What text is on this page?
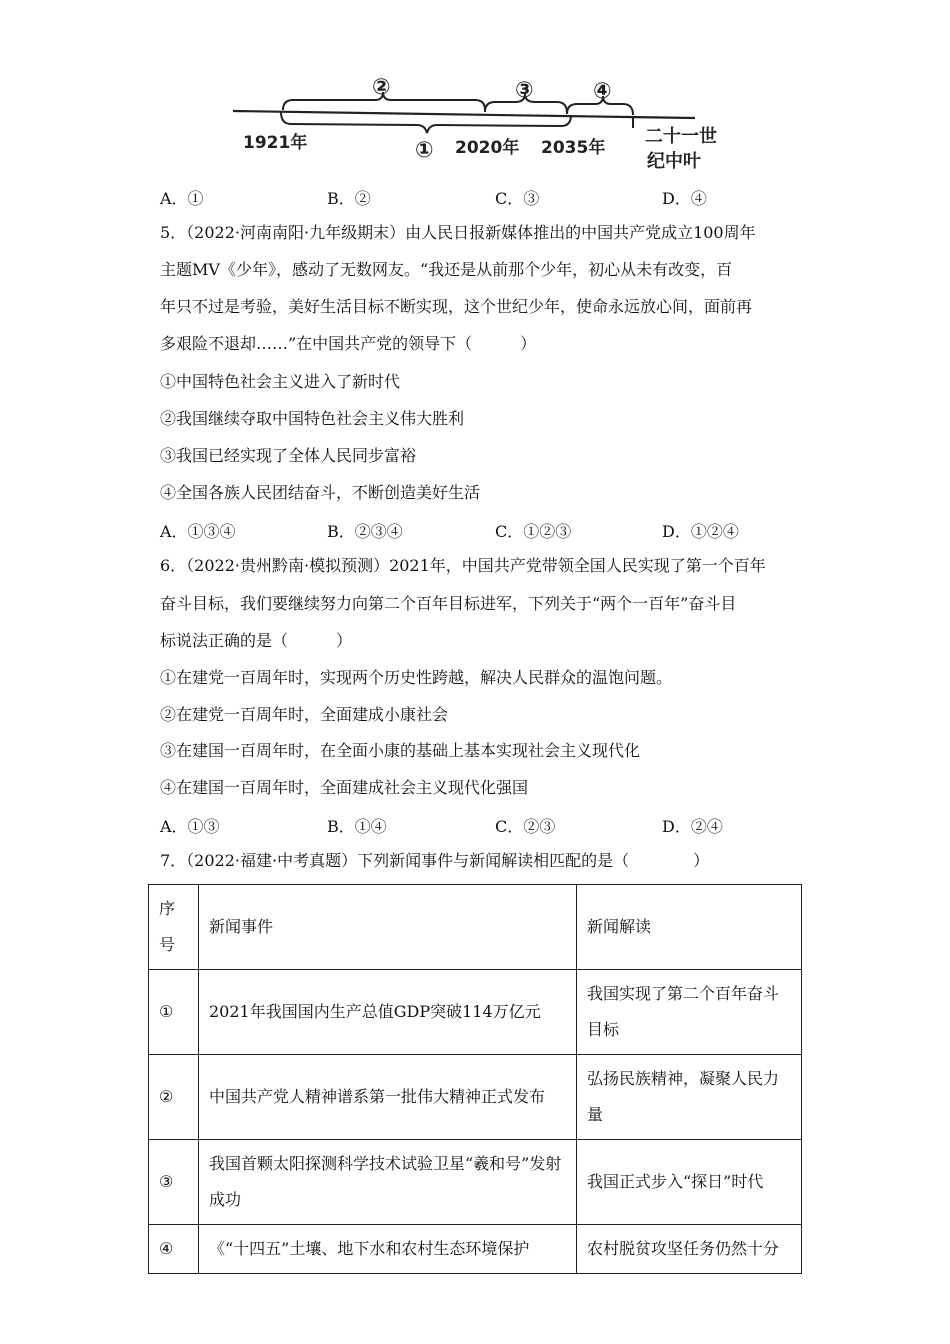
②	③	④
①
1921年	2020年 2035年
二十一世
纪中叶
A．①	B．②	C．③	D．④
5．（2022·河南南阳·九年级期末）由人民日报新媒体推出的中国共产党成立100周年
主题MV《少年》，感动了无数网友。“我还是从前那个少年，初心从未有改变，百
年只不过是考验，美好生活目标不断实现，这个世纪少年，使命永远放心间，面前再
多艰险不退却……”在中国共产党的领导下（　　　）
①中国特色社会主义进入了新时代
②我国继续夺取中国特色社会主义伟大胜利
③我国已经实现了全体人民同步富裕
④全国各族人民团结奋斗，不断创造美好生活
A．①③④	B．②③④	C．①②③	D．①②④
6．（2022·贵州黔南·模拟预测）2021年，中国共产党带领全国人民实现了第一个百年
奋斗目标，我们要继续努力向第二个百年目标进军，下列关于“两个一百年”奋斗目
标说法正确的是（　　　）
①在建党一百周年时，实现两个历史性跨越，解决人民群众的温饱问题。
②在建党一百周年时，全面建成小康社会
③在建国一百周年时，在全面小康的基础上基本实现社会主义现代化
④在建国一百周年时，全面建成社会主义现代化强国
A．①③	B．①④	C．②③	D．②④
7．（2022·福建·中考真题）下列新闻事件与新闻解读相匹配的是（　　　　）
序号	新闻事件	新闻解读
①	2021年我国国内生产总值GDP突破114万亿元	我国实现了第二个百年奋斗目标
②	中国共产党人精神谱系第一批伟大精神正式发布	弘扬民族精神，凝聚人民力量
③	我国首颗太阳探测科学技术试验卫星“羲和号”发射成功	我国正式步入“探日”时代
④	《“十四五”土壤、地下水和农村生态环境保护	农村脱贫攻坚任务仍然十分
